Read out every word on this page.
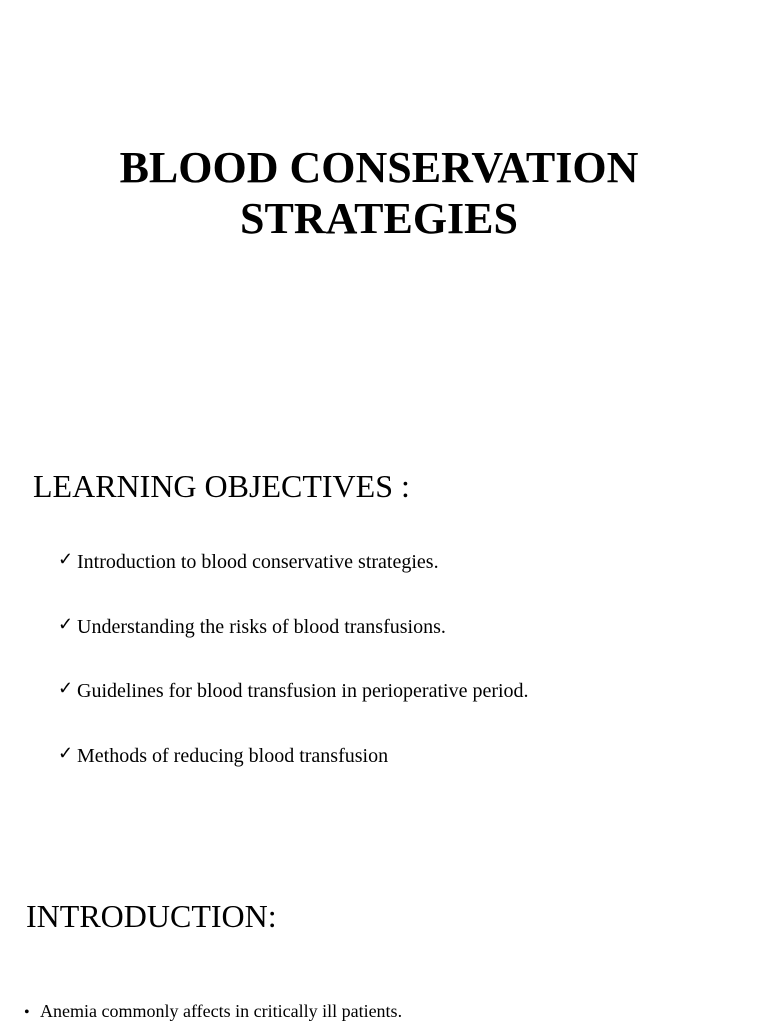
BLOOD CONSERVATION
STRATEGIES
LEARNING OBJECTIVES :
✓ Introduction to blood conservative strategies.
✓ Understanding the risks of blood transfusions.
✓ Guidelines for blood transfusion in perioperative period.
✓ Methods of reducing blood transfusion
INTRODUCTION:
• Anemia commonly affects in critically ill patients.
